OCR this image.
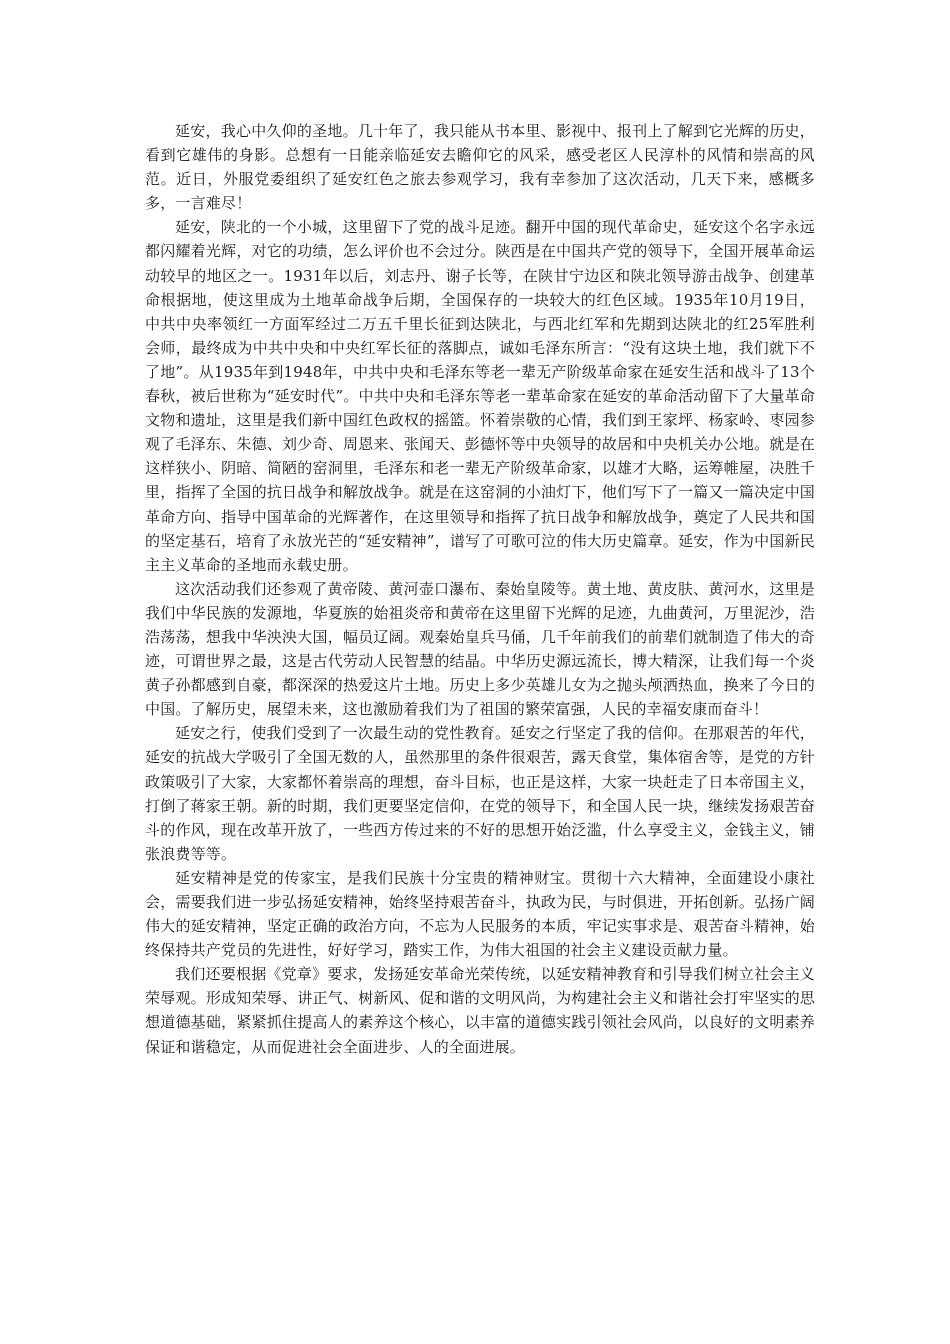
延安，我心中久仰的圣地。几十年了，我只能从书本里、影视中、报刊上了解到它光辉的历史，看到它雄伟的身影。总想有一日能亲临延安去瞻仰它的风采，感受老区人民淳朴的风情和崇高的风范。近日，外服党委组织了延安红色之旅去参观学习，我有幸参加了这次活动，几天下来，感概多多，一言难尽！

延安，陕北的一个小城，这里留下了党的战斗足迹。翻开中国的现代革命史，延安这个名字永远都闪耀着光辉，对它的功绩，怎么评价也不会过分。陕西是在中国共产党的领导下，全国开展革命运动较早的地区之一。1931年以后，刘志丹、谢子长等，在陕甘宁边区和陕北领导游击战争、创建革命根据地，使这里成为土地革命战争后期，全国保存的一块较大的红色区域。1935年10月19日，中共中央率领红一方面军经过二万五千里长征到达陕北，与西北红军和先期到达陕北的红25军胜利会师，最终成为中共中央和中央红军长征的落脚点，诚如毛泽东所言：“没有这块土地，我们就下不了地”。从1935年到1948年，中共中央和毛泽东等老一辈无产阶级革命家在延安生活和战斗了13个春秋，被后世称为“延安时代”。中共中央和毛泽东等老一辈革命家在延安的革命活动留下了大量革命文物和遗址，这里是我们新中国红色政权的摇篮。怀着崇敬的心情，我们到王家坪、杨家岭、枣园参观了毛泽东、朱德、刘少奇、周恩来、张闻天、彭德怀等中央领导的故居和中央机关办公地。就是在这样狭小、阴暗、简陋的窑洞里，毛泽东和老一辈无产阶级革命家，以雄才大略，运筹帷屋，决胜千里，指挥了全国的抗日战争和解放战争。就是在这窑洞的小油灯下，他们写下了一篇又一篇决定中国革命方向、指导中国革命的光辉著作，在这里领导和指挥了抗日战争和解放战争，奠定了人民共和国的坚定基石，培育了永放光芒的“延安精神”，谱写了可歌可泣的伟大历史篇章。延安，作为中国新民主主义革命的圣地而永载史册。

这次活动我们还参观了黄帝陵、黄河壶口瀑布、秦始皇陵等。黄土地、黄皮肤、黄河水，这里是我们中华民族的发源地，华夏族的始祖炎帝和黄帝在这里留下光辉的足迹，九曲黄河，万里泥沙，浩浩荡荡，想我中华泱泱大国，幅员辽阔。观秦始皇兵马俑，几千年前我们的前辈们就制造了伟大的奇迹，可谓世界之最，这是古代劳动人民智慧的结晶。中华历史源远流长，博大精深，让我们每一个炎黄子孙都感到自豪，都深深的热爱这片土地。历史上多少英雄儿女为之抛头颅洒热血，换来了今日的中国。了解历史，展望未来，这也激励着我们为了祖国的繁荣富强，人民的幸福安康而奋斗！

延安之行，使我们受到了一次最生动的党性教育。延安之行坚定了我的信仰。在那艰苦的年代，延安的抗战大学吸引了全国无数的人，虽然那里的条件很艰苦，露天食堂，集体宿舍等，是党的方针政策吸引了大家，大家都怀着崇高的理想，奋斗目标，也正是这样，大家一块赶走了日本帝国主义，打倒了蒋家王朝。新的时期，我们更要坚定信仰，在党的领导下，和全国人民一块，继续发扬艰苦奋斗的作风，现在改革开放了，一些西方传过来的不好的思想开始泛滥，什么享受主义，金钱主义，铺张浪费等等。

延安精神是党的传家宝，是我们民族十分宝贵的精神财宝。贯彻十六大精神，全面建设小康社会，需要我们进一步弘扬延安精神，始终坚持艰苦奋斗，执政为民，与时俱进，开拓创新。弘扬广阔伟大的延安精神，坚定正确的政治方向，不忘为人民服务的本质，牢记实事求是、艰苦奋斗精神，始终保持共产党员的先进性，好好学习，踏实工作，为伟大祖国的社会主义建设贡献力量。

我们还要根据《党章》要求，发扬延安革命光荣传统，以延安精神教育和引导我们树立社会主义荣辱观。形成知荣辱、讲正气、树新风、促和谐的文明风尚，为构建社会主义和谐社会打牢坚实的思想道德基础，紧紧抓住提高人的素养这个核心，以丰富的道德实践引领社会风尚，以良好的文明素养保证和谐稳定，从而促进社会全面进步、人的全面进展。
